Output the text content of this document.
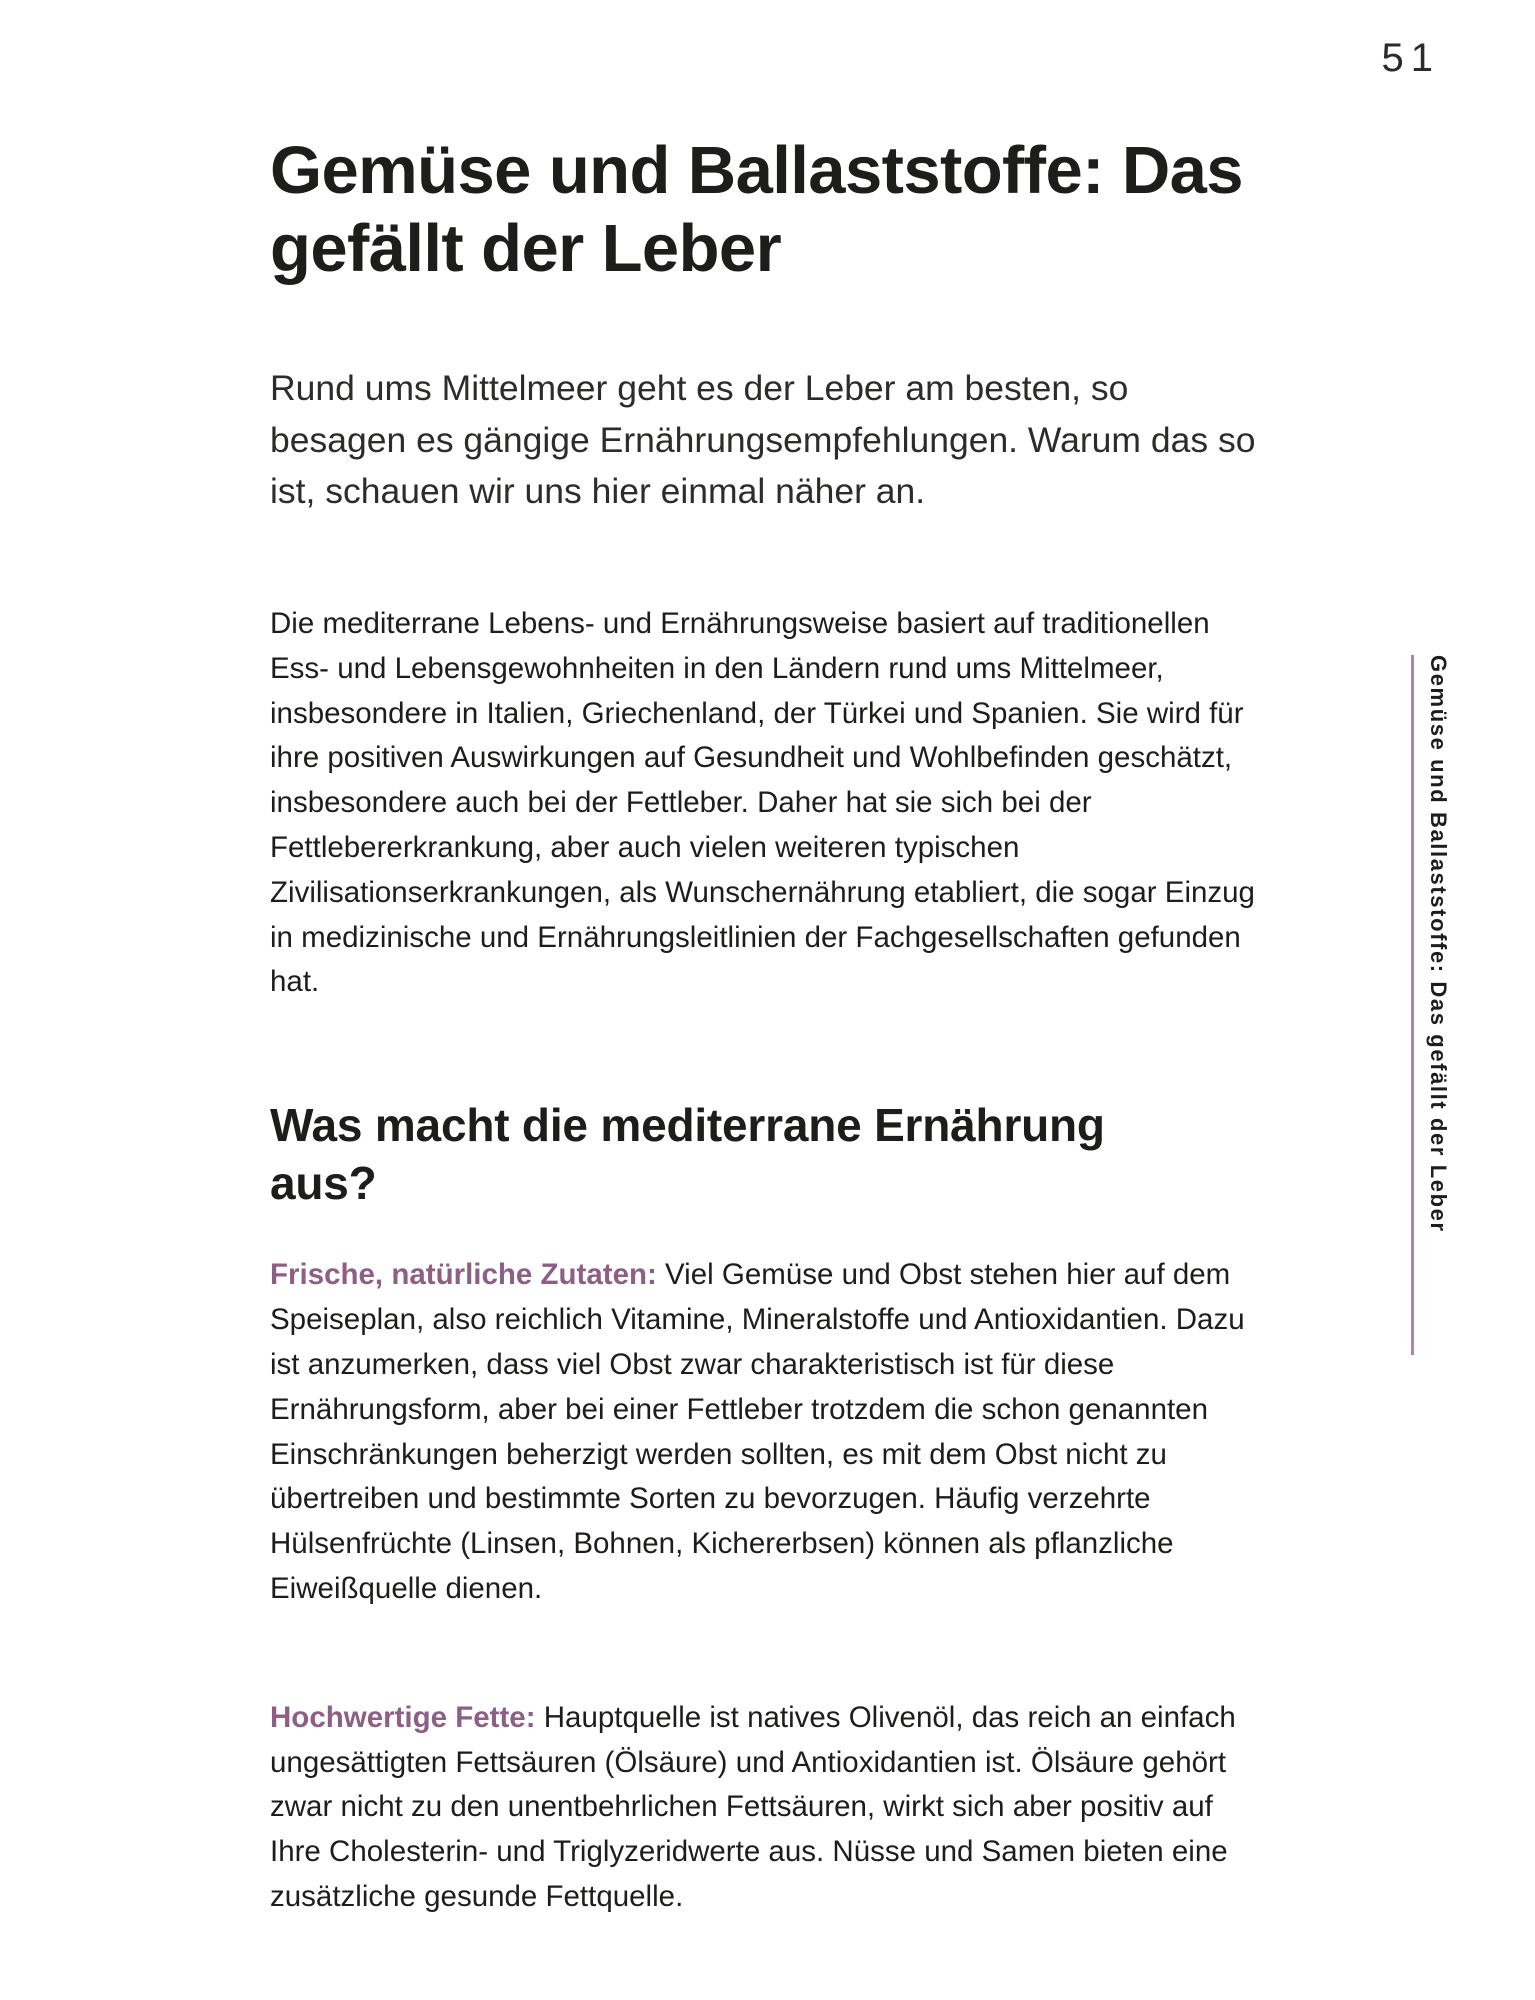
51
Gemüse und Ballaststoffe: Das gefällt der Leber

Rund ums Mittelmeer geht es der Leber am besten, so besagen es gängige Ernährungsempfehlungen. Warum das so ist, schauen wir uns hier einmal näher an.

Die mediterrane Lebens- und Ernährungsweise basiert auf traditionellen Ess- und Lebensgewohnheiten in den Ländern rund ums Mittelmeer, insbesondere in Italien, Griechenland, der Türkei und Spanien. Sie wird für ihre positiven Auswirkungen auf Gesundheit und Wohlbefinden geschätzt, insbesondere auch bei der Fettleber. Daher hat sie sich bei der Fettlebererkrankung, aber auch vielen weiteren typischen Zivilisationserkrankungen, als Wunschernährung etabliert, die sogar Einzug in medizinische und Ernährungsleitlinien der Fachgesellschaften gefunden hat.

Was macht die mediterrane Ernährung aus?

Frische, natürliche Zutaten: Viel Gemüse und Obst stehen hier auf dem Speiseplan, also reichlich Vitamine, Mineralstoffe und Antioxidantien. Dazu ist anzumerken, dass viel Obst zwar charakteristisch ist für diese Ernährungsform, aber bei einer Fettleber trotzdem die schon genannten Einschränkungen beherzigt werden sollten, es mit dem Obst nicht zu übertreiben und bestimmte Sorten zu bevorzugen. Häufig verzehrte Hülsenfrüchte (Linsen, Bohnen, Kichererbsen) können als pflanzliche Eiweißquelle dienen.

Hochwertige Fette: Hauptquelle ist natives Olivenöl, das reich an einfach ungesättigten Fettsäuren (Ölsäure) und Antioxidantien ist. Ölsäure gehört zwar nicht zu den unentbehrlichen Fettsäuren, wirkt sich aber positiv auf Ihre Cholesterin- und Triglyzeridwerte aus. Nüsse und Samen bieten eine zusätzliche gesunde Fettquelle.

Gemüse und Ballaststoffe: Das gefällt der Leber
